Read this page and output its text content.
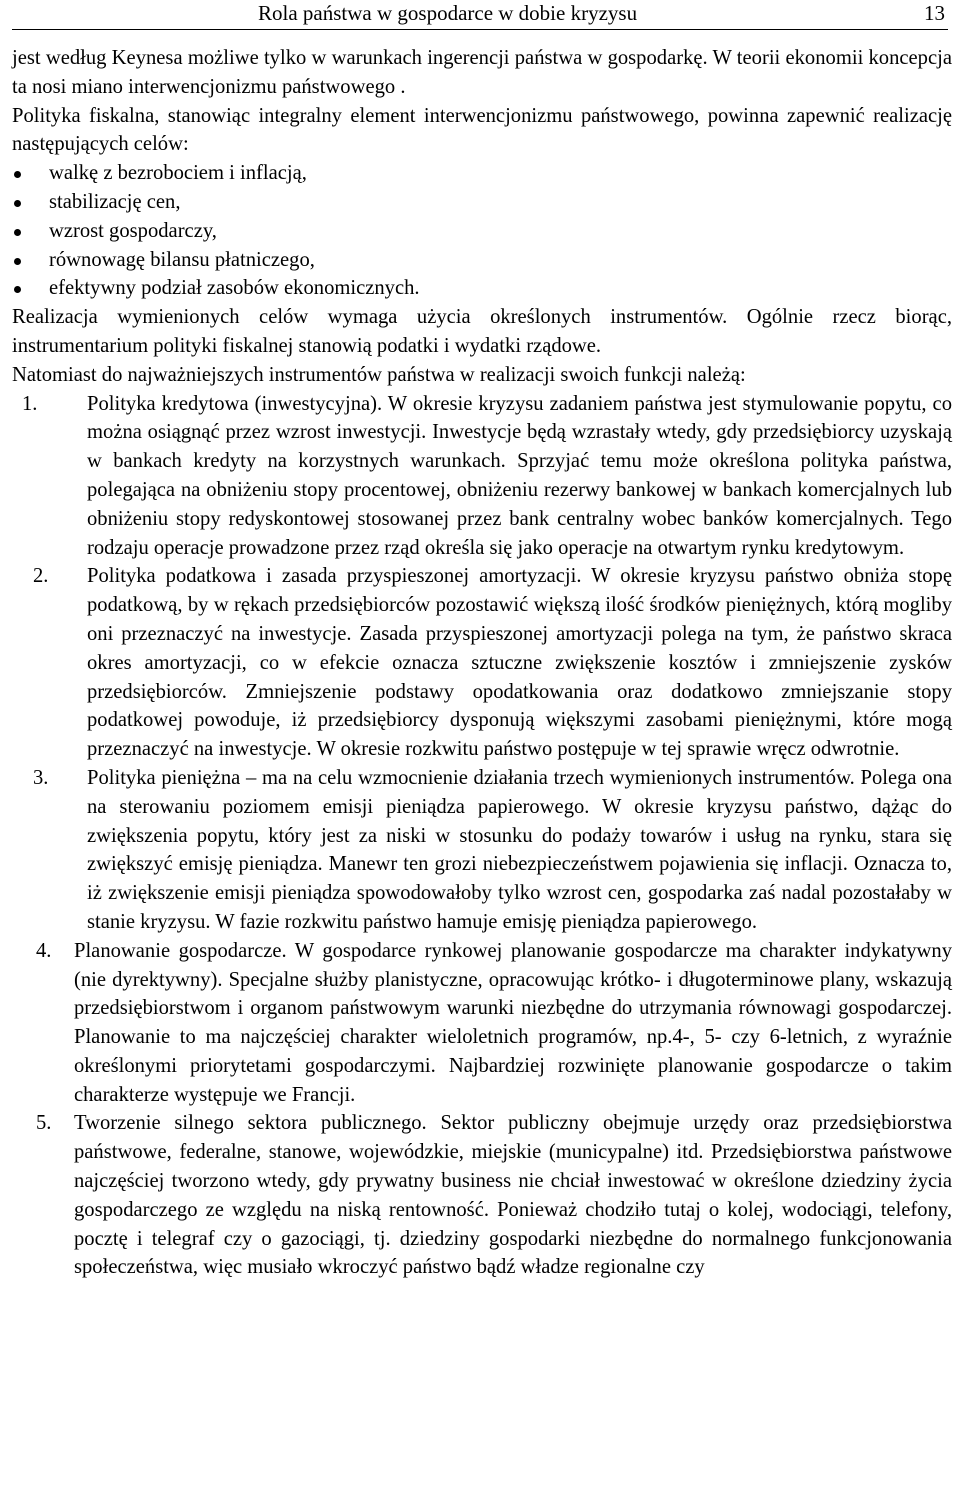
Rola państwa w gospodarce w dobie kryzysu	13

jest według Keynesa możliwe tylko w warunkach ingerencji państwa w gospodarkę. W teorii ekonomii koncepcja ta nosi miano interwencjonizmu państwowego .

Polityka fiskalna, stanowiąc integralny element interwencjonizmu państwowego, powinna zapewnić realizację następujących celów:

walkę z bezrobociem i inflacją,
stabilizację cen,
wzrost gospodarczy,
równowagę bilansu płatniczego,
efektywny podział zasobów ekonomicznych.

Realizacja wymienionych celów wymaga użycia określonych instrumentów. Ogólnie rzecz biorąc, instrumentarium polityki fiskalnej stanowią podatki i wydatki rządowe.

Natomiast do najważniejszych instrumentów państwa w realizacji swoich funkcji należą:

1. Polityka kredytowa (inwestycyjna). W okresie kryzysu zadaniem państwa jest stymulowanie popytu, co można osiągnąć przez wzrost inwestycji. Inwestycje będą wzrastały wtedy, gdy przedsiębiorcy uzyskają w bankach kredyty na korzystnych warunkach. Sprzyjać temu może określona polityka państwa, polegająca na obniżeniu stopy procentowej, obniżeniu rezerwy bankowej w bankach komercjalnych lub obniżeniu stopy redyskontowej stosowanej przez bank centralny wobec banków komercjalnych. Tego rodzaju operacje prowadzone przez rząd określa się jako operacje na otwartym rynku kredytowym.
2. Polityka podatkowa i zasada przyspieszonej amortyzacji. W okresie kryzysu państwo obniża stopę podatkową, by w rękach przedsiębiorców pozostawić większą ilość środków pieniężnych, którą mogliby oni przeznaczyć na inwestycje. Zasada przyspieszonej amortyzacji polega na tym, że państwo skraca okres amortyzacji, co w efekcie oznacza sztuczne zwiększenie kosztów i zmniejszenie zysków przedsiębiorców. Zmniejszenie podstawy opodatkowania oraz dodatkowo zmniejszanie stopy podatkowej powoduje, iż przedsiębiorcy dysponują większymi zasobami pieniężnymi, które mogą przeznaczyć na inwestycje. W okresie rozkwitu państwo postępuje w tej sprawie wręcz odwrotnie.
3. Polityka pieniężna – ma na celu wzmocnienie działania trzech wymienionych instrumentów. Polega ona na sterowaniu poziomem emisji pieniądza papierowego. W okresie kryzysu państwo, dążąc do zwiększenia popytu, który jest za niski w stosunku do podaży towarów i usług na rynku, stara się zwiększyć emisję pieniądza. Manewr ten grozi niebezpieczeństwem pojawienia się inflacji. Oznacza to, iż zwiększenie emisji pieniądza spowodowałoby tylko wzrost cen, gospodarka zaś nadal pozostałaby w stanie kryzysu. W fazie rozkwitu państwo hamuje emisję pieniądza papierowego.
4. Planowanie gospodarcze. W gospodarce rynkowej planowanie gospodarcze ma charakter indykatywny (nie dyrektywny). Specjalne służby planistyczne, opracowując krótko- i długoterminowe plany, wskazują przedsiębiorstwom i organom państwowym warunki niezbędne do utrzymania równowagi gospodarczej. Planowanie to ma najczęściej charakter wieloletnich programów, np.4-, 5- czy 6-letnich, z wyraźnie określonymi priorytetami gospodarczymi. Najbardziej rozwinięte planowanie gospodarcze o takim charakterze występuje we Francji.
5. Tworzenie silnego sektora publicznego. Sektor publiczny obejmuje urzędy oraz przedsiębiorstwa państwowe, federalne, stanowe, wojewódzkie, miejskie (municypalne) itd. Przedsiębiorstwa państwowe najczęściej tworzono wtedy, gdy prywatny business nie chciał inwestować w określone dziedziny życia gospodarczego ze względu na niską rentowność. Ponieważ chodziło tutaj o kolej, wodociągi, telefony, pocztę i telegraf czy o gazociągi, tj. dziedziny gospodarki niezbędne do normalnego funkcjonowania społeczeństwa, więc musiało wkroczyć państwo bądź władze regionalne czy
